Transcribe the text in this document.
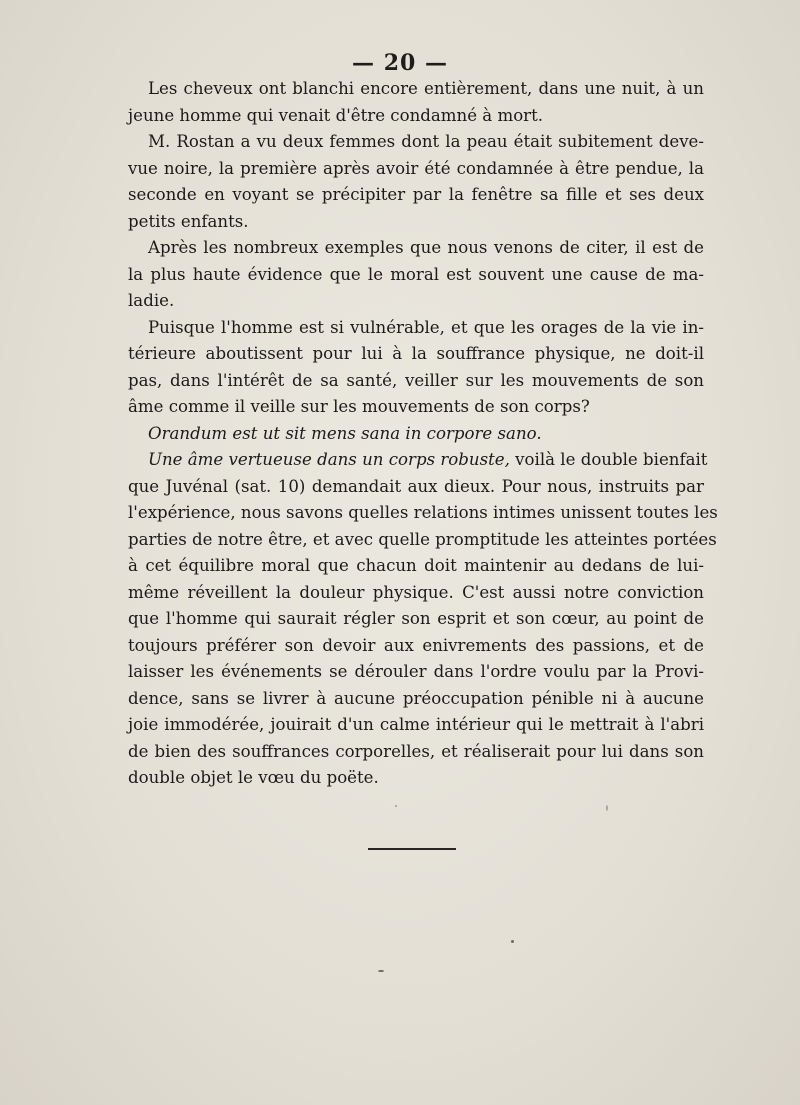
— 20 —
Les cheveux ont blanchi encore entièrement, dans une nuit, à un
jeune homme qui venait d'être condamné à mort.
M. Rostan a vu deux femmes dont la peau était subitement deve-
vue noire, la première après avoir été condamnée à être pendue, la
seconde en voyant se précipiter par la fenêtre sa fille et ses deux
petits enfants.
Après les nombreux exemples que nous venons de citer, il est de
la plus haute évidence que le moral est souvent une cause de ma-
ladie.
Puisque l'homme est si vulnérable, et que les orages de la vie in-
térieure aboutissent pour lui à la souffrance physique, ne doit-il
pas, dans l'intérêt de sa santé, veiller sur les mouvements de son
âme comme il veille sur les mouvements de son corps?
Orandum est ut sit mens sana in corpore sano.
Une âme vertueuse dans un corps robuste, voilà le double bienfait
que Juvénal (sat. 10) demandait aux dieux. Pour nous, instruits par
l'expérience, nous savons quelles relations intimes unissent toutes les
parties de notre être, et avec quelle promptitude les atteintes portées
à cet équilibre moral que chacun doit maintenir au dedans de lui-
même réveillent la douleur physique. C'est aussi notre conviction
que l'homme qui saurait régler son esprit et son cœur, au point de
toujours préférer son devoir aux enivrements des passions, et de
laisser les événements se dérouler dans l'ordre voulu par la Provi-
dence, sans se livrer à aucune préoccupation pénible ni à aucune
joie immodérée, jouirait d'un calme intérieur qui le mettrait à l'abri
de bien des souffrances corporelles, et réaliserait pour lui dans son
double objet le vœu du poëte.
